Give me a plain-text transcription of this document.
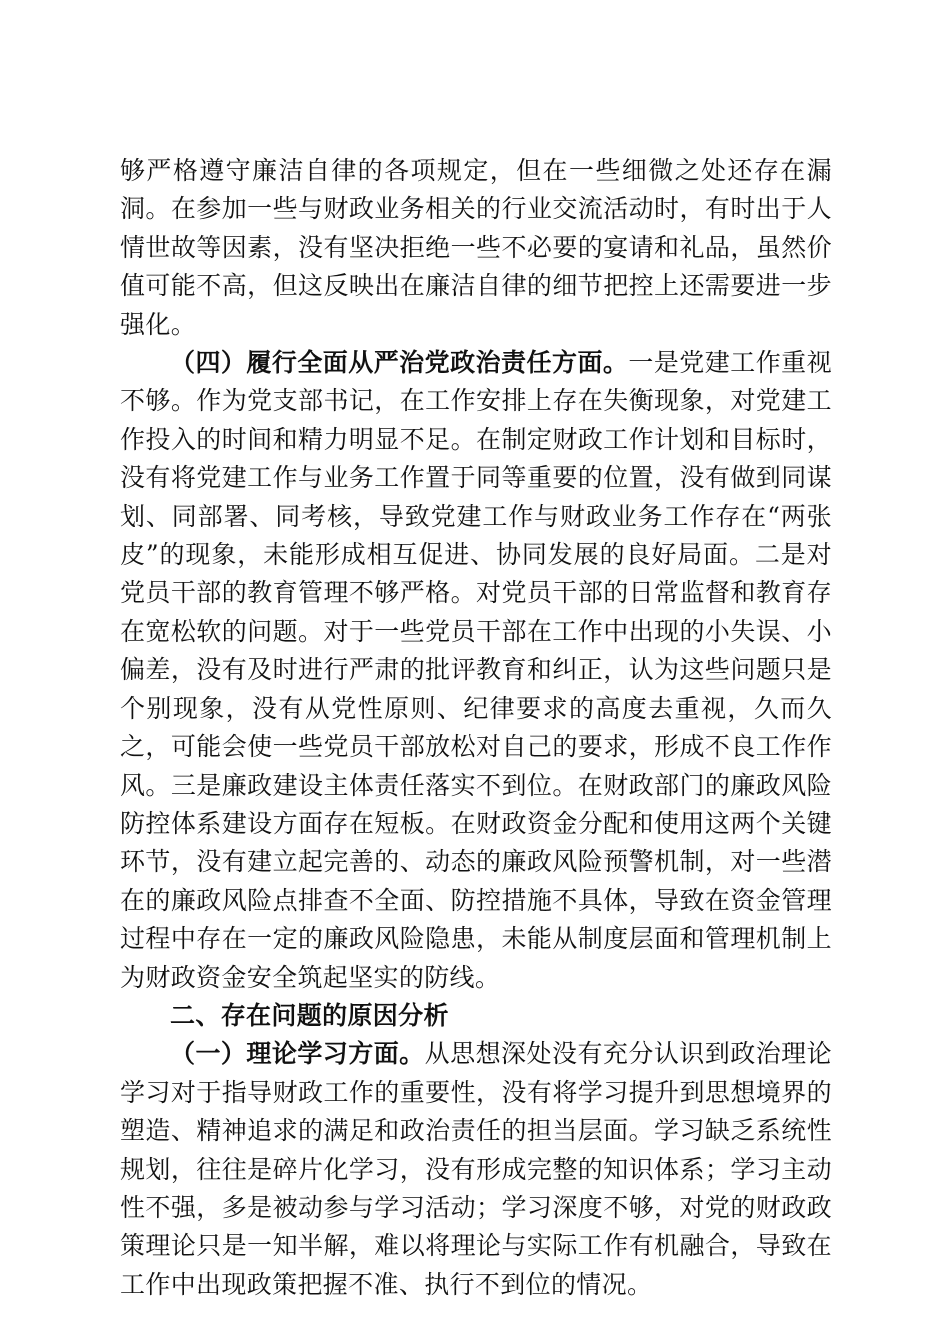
够严格遵守廉洁自律的各项规定，但在一些细微之处还存在漏洞。在参加一些与财政业务相关的行业交流活动时，有时出于人情世故等因素，没有坚决拒绝一些不必要的宴请和礼品，虽然价值可能不高，但这反映出在廉洁自律的细节把控上还需要进一步强化。

（四）履行全面从严治党政治责任方面。一是党建工作重视不够。作为党支部书记，在工作安排上存在失衡现象，对党建工作投入的时间和精力明显不足。在制定财政工作计划和目标时，没有将党建工作与业务工作置于同等重要的位置，没有做到同谋划、同部署、同考核，导致党建工作与财政业务工作存在“两张皮”的现象，未能形成相互促进、协同发展的良好局面。二是对党员干部的教育管理不够严格。对党员干部的日常监督和教育存在宽松软的问题。对于一些党员干部在工作中出现的小失误、小偏差，没有及时进行严肃的批评教育和纠正，认为这些问题只是个别现象，没有从党性原则、纪律要求的高度去重视，久而久之，可能会使一些党员干部放松对自己的要求，形成不良工作作风。三是廉政建设主体责任落实不到位。在财政部门的廉政风险防控体系建设方面存在短板。在财政资金分配和使用这两个关键环节，没有建立起完善的、动态的廉政风险预警机制，对一些潜在的廉政风险点排查不全面、防控措施不具体，导致在资金管理过程中存在一定的廉政风险隐患，未能从制度层面和管理机制上为财政资金安全筑起坚实的防线。

二、存在问题的原因分析

（一）理论学习方面。从思想深处没有充分认识到政治理论学习对于指导财政工作的重要性，没有将学习提升到思想境界的塑造、精神追求的满足和政治责任的担当层面。学习缺乏系统性规划，往往是碎片化学习，没有形成完整的知识体系；学习主动性不强，多是被动参与学习活动；学习深度不够，对党的财政政策理论只是一知半解，难以将理论与实际工作有机融合，导致在工作中出现政策把握不准、执行不到位的情况。
